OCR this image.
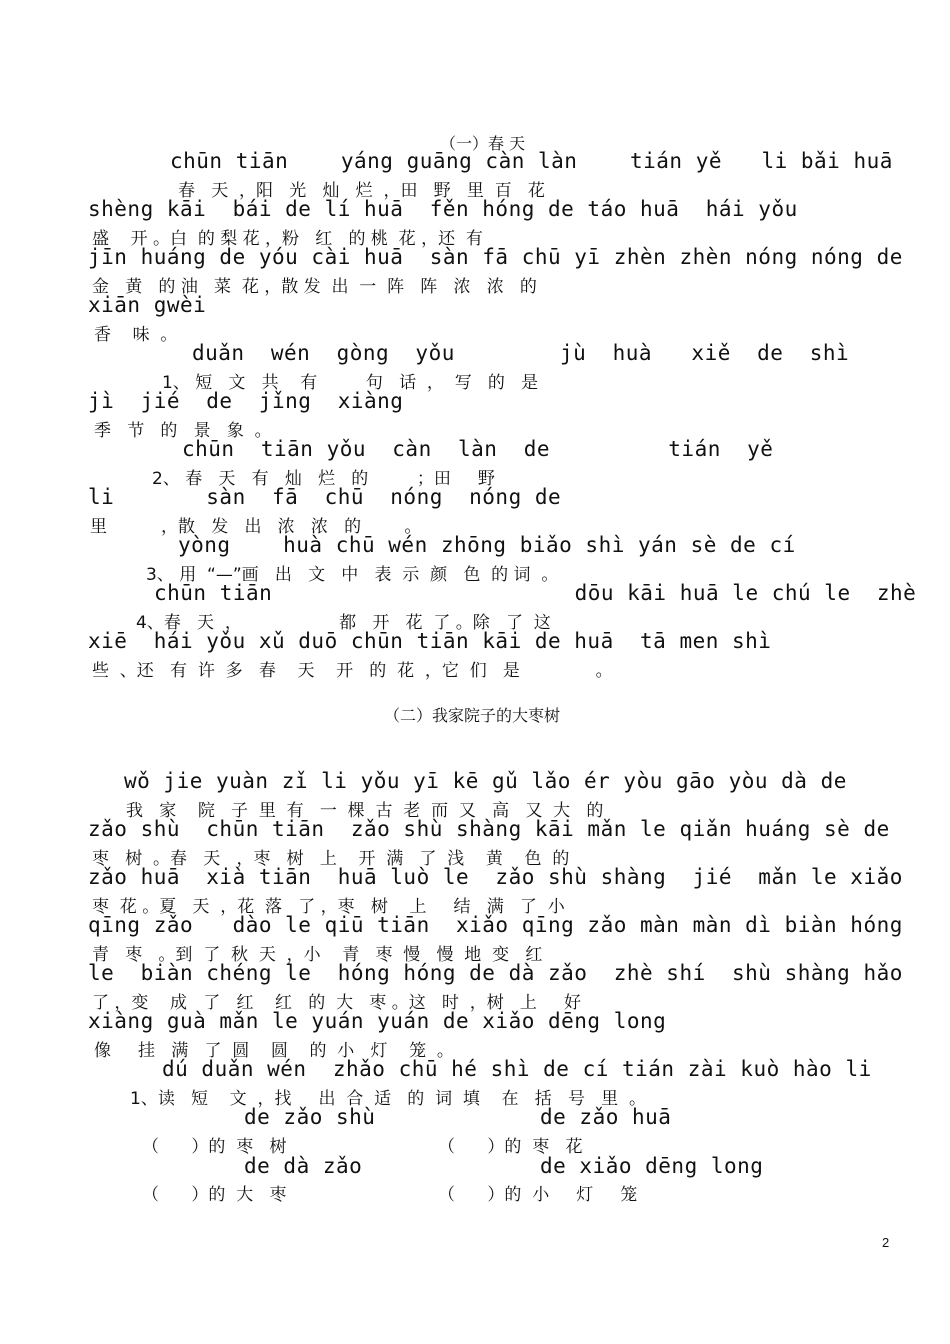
（一）春 天
chūn tiān    yáng guāng càn làn    tián yě   li bǎi huā
春   天  ，阳   光   灿   烂  ，田   野   里  百   花
shèng kāi  bái de lí huā  fěn hóng de táo huā  hái yǒu
盛    开 。白  的 梨 花 ，粉   红   的 桃  花 ，还  有
jīn huáng de yóu cài huā  sàn fā chū yī zhèn zhèn nóng nóng de
金   黄   的 油   菜  花 ，散 发  出  一  阵   阵   浓   浓   的
xiān gwèi
香    味  。
duǎn  wén  gòng  yǒu        jù  huà   xiě  de  shì
1、 短   文   共    有         句   话  ，  写   的   是
jì  jié  de  jǐng  xiàng
季   节   的   景   象  。
chūn  tiān yǒu  càn  làn  de         tián  yě
2、 春   天   有   灿   烂   的         ；田     野
li       sàn  fā  chū  nóng  nóng de
里          ，散   发   出   浓   浓   的        。
yòng    huà chū wén zhōng biǎo shì yán sè de cí
3、 用  “—”画   出   文   中   表  示  颜   色  的 词  。
chūn tiān                       dōu kāi huā le chú le  zhè
4、春   天  ，                  都   开   花  了 。除   了  这
xiē  hái yǒu xǔ duō chūn tiān kāi de huā  tā men shì
些  、还   有  许  多   春    天    开   的  花  ，它  们   是              。
（二）我家院子的大枣树
wǒ jie yuàn zǐ li yǒu yī kē gǔ lǎo ér yòu gāo yòu dà de
我   家    院   子  里  有   一  棵  古  老  而  又   高   又  大   的
zǎo shù  chūn tiān  zǎo shù shàng kāi mǎn le qiǎn huáng sè de
枣   树  。春   天   ，枣   树   上    开  满   了  浅    黄    色  的
zǎo huā  xià tiān  huā luò le  zǎo shù shàng  jié  mǎn le xiǎo
枣  花 。夏   天  ，花  落   了 ，枣   树    上     结   满   了  小
qīng zǎo   dào le qiū tiān  xiǎo qīng zǎo màn màn dì biàn hóng
青   枣   。到  了  秋  天  ，小    青   枣  慢   慢  地  变   红
le  biàn chéng le  hóng hóng de dà zǎo  zhè shí  shù shàng hǎo
了 ，变    成   了   红    红   的  大   枣 。这   时  ，树   上     好
xiàng guà mǎn le yuán yuán de xiǎo dēng long
像     挂   满   了  圆    圆    的  小   灯    笼  。
dú duǎn wén  zhǎo chū hé shì de cí tián zài kuò hào li
1、读   短    文  ，找     出  合  适   的  词  填    在   括   号   里  。
de zǎo shù
（      ）的  枣   树
de zǎo huā
（      ）的  枣   花
de dà zǎo
（      ）的  大   枣
de xiǎo dēng long
（      ）的  小     灯     笼
2
